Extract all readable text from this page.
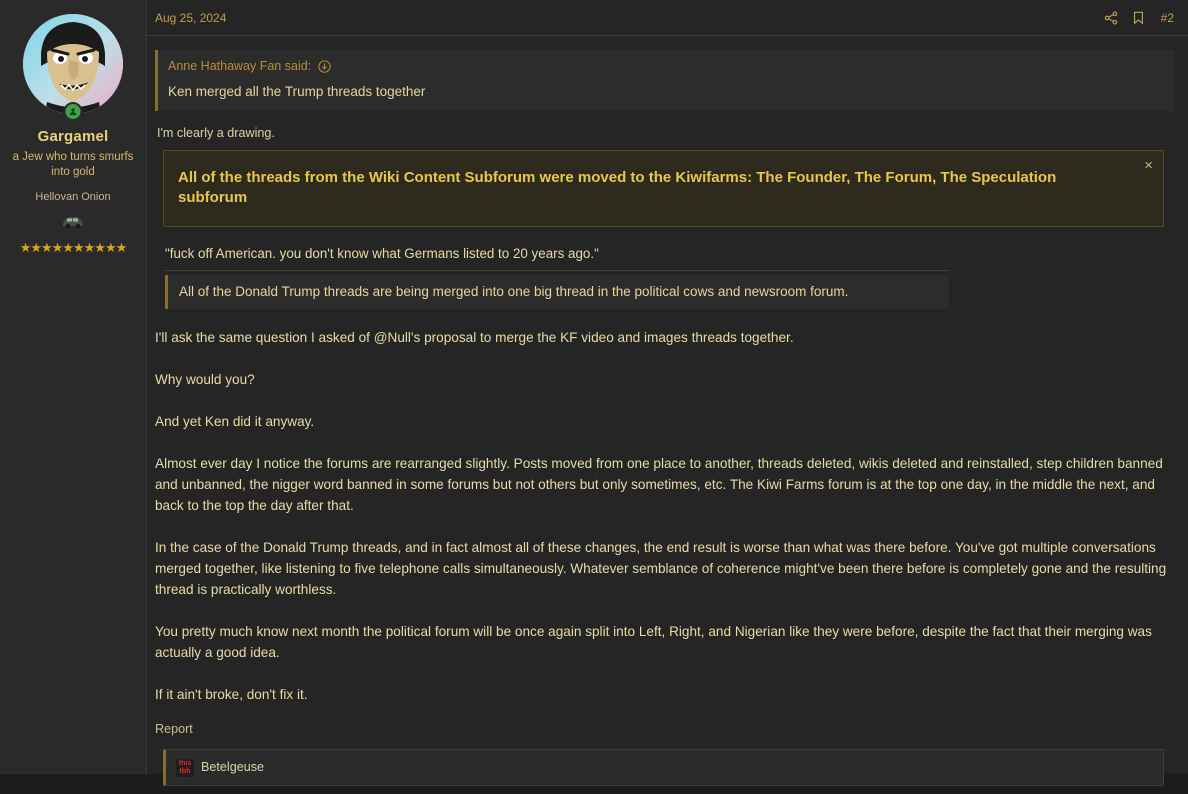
Gargamel
a Jew who turns smurfs into gold
Hellovan Onion
★★★★★★★★★★
Aug 25, 2024	#2
Anne Hathaway Fan said:
Ken merged all the Trump threads together
I'm clearly a drawing.
All of the threads from the Wiki Content Subforum were moved to the Kiwifarms: The Founder, The Forum, The Speculation subforum
×
"fuck off American. you don't know what Germans listed to 20 years ago."
All of the Donald Trump threads are being merged into one big thread in the political cows and newsroom forum.

I'll ask the same question I asked of @Null's proposal to merge the KF video and images threads together.

Why would you?

And yet Ken did it anyway.

Almost ever day I notice the forums are rearranged slightly. Posts moved from one place to another, threads deleted, wikis deleted and reinstalled, step children banned and unbanned, the nigger word banned in some forums but not others but only sometimes, etc. The Kiwi Farms forum is at the top one day, in the middle the next, and back to the top the day after that.

In the case of the Donald Trump threads, and in fact almost all of these changes, the end result is worse than what was there before. You've got multiple conversations merged together, like listening to five telephone calls simultaneously. Whatever semblance of coherence might've been there before is completely gone and the resulting thread is practically worthless.

You pretty much know next month the political forum will be once again split into Left, Right, and Nigerian like they were before, despite the fact that their merging was actually a good idea.

If it ain't broke, don't fix it.

Report
this
tbh Betelgeuse
